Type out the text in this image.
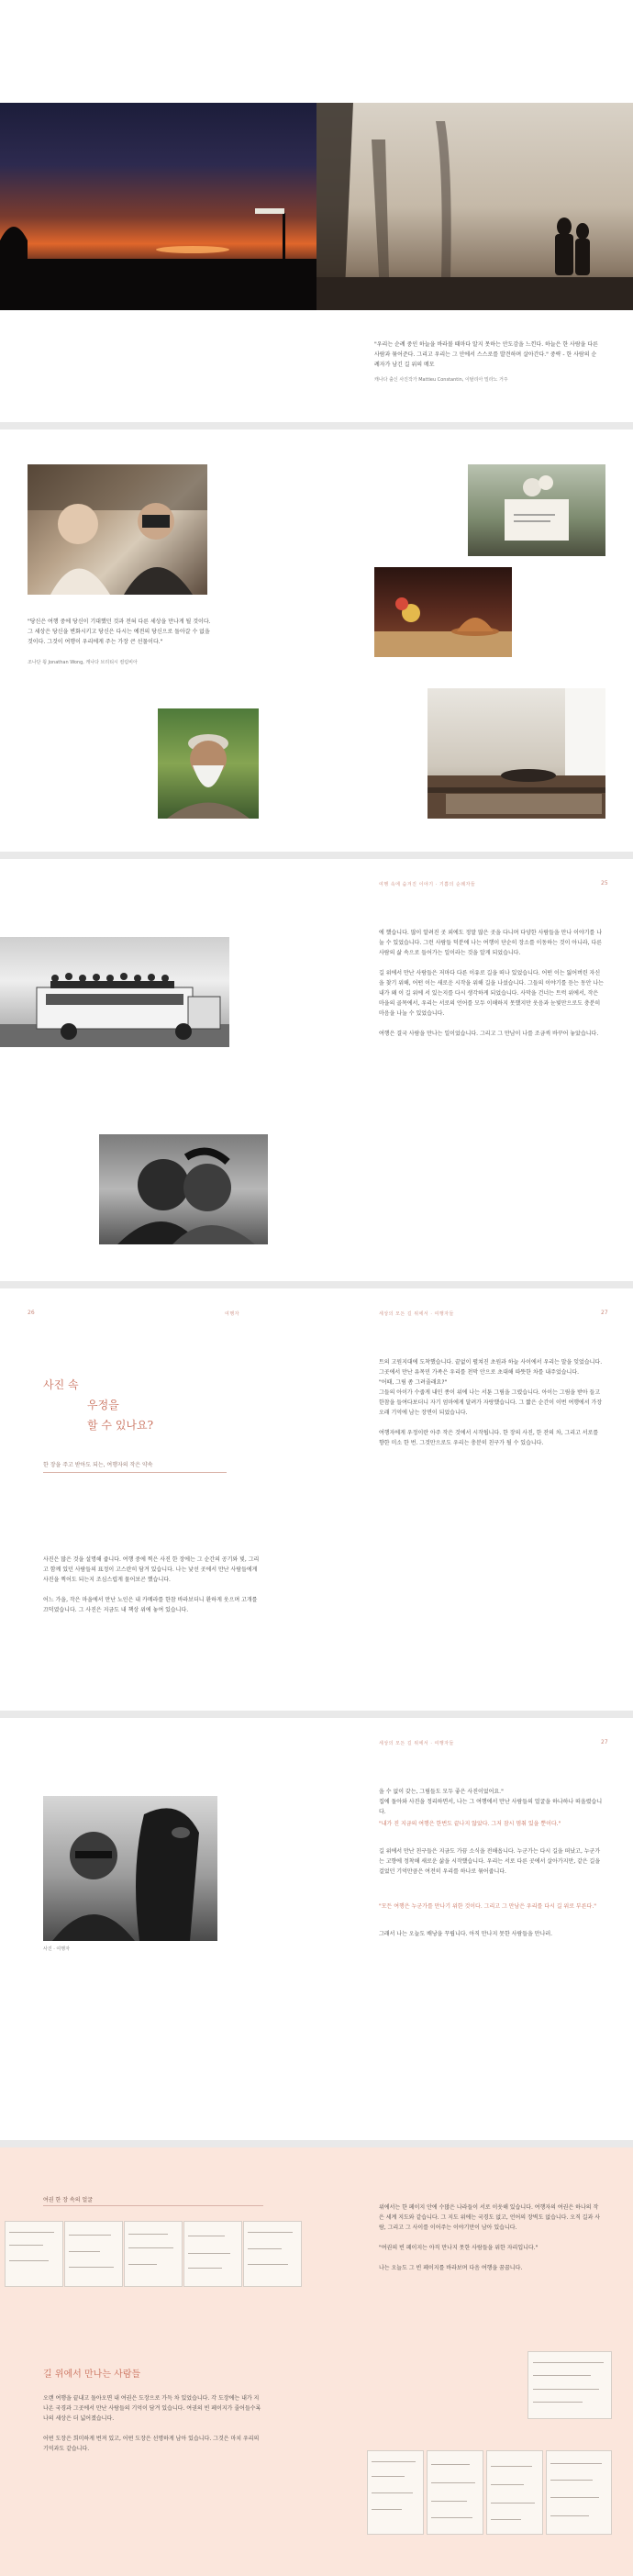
"우리는 순례 중인 하늘을 바라볼 때마다 알지 못하는 안도감을 느낀다. 하늘은 한 사람을 다른 사람과 묶어준다. 그리고 우리는 그 안에서 스스로를 발견하며 살아간다." 중략 - 한 사람의 순례자가 남긴 길 위의 메모
캐나다 출신 사진작가 Mattieu Constantin, 이탈리아 밀라노 거주
"당신은 여행 중에 당신이 기대했던 것과 전혀 다른 세상을 만나게 될 것이다. 그 세상은 당신을 변화시키고 당신은 다시는 예전의 당신으로 돌아갈 수 없을 것이다. 그것이 여행이 우리에게 주는 가장 큰 선물이다."
조나단 웡 Jonathan Wong, 캐나다 브리티시 컬럼비아
여행 속에 숨겨진 이야기 · 기쁨의 순례자들	25
에 했습니다. 많이 알려진 곳 외에도 정말 많은 곳을 다니며 다양한 사람들을 만나 이야기를 나눌 수 있었습니다. 그런 사람들 덕분에 나는 여행이 단순히 장소를 이동하는 것이 아니라, 다른 사람의 삶 속으로 들어가는 일이라는 것을 알게 되었습니다.

길 위에서 만난 사람들은 저마다 다른 이유로 길을 떠나 있었습니다. 어떤 이는 잃어버린 자신을 찾기 위해, 어떤 이는 새로운 시작을 위해 길을 나섰습니다. 그들의 이야기를 듣는 동안 나는 내가 왜 이 길 위에 서 있는지를 다시 생각하게 되었습니다. 사막을 건너는 트럭 위에서, 작은 마을의 골목에서, 우리는 서로의 언어를 모두 이해하지 못했지만 웃음과 눈빛만으로도 충분히 마음을 나눌 수 있었습니다.

여행은 결국 사람을 만나는 일이었습니다. 그리고 그 만남이 나를 조금씩 바꾸어 놓았습니다.
26	여행자	세상의 모든 길 위에서 · 여행자들	27
사진 속
우정을
할 수 있나요?
한 장을 주고 받아도 되는, 여행자의 작은 약속
사진은 많은 것을 설명해 줍니다. 여행 중에 찍은 사진 한 장에는 그 순간의 공기와 빛, 그리고 함께 있던 사람들의 표정이 고스란히 담겨 있습니다. 나는 낯선 곳에서 만난 사람들에게 사진을 찍어도 되는지 조심스럽게 물어보곤 했습니다.

어느 가을, 작은 마을에서 만난 노인은 내 카메라를 한참 바라보더니 환하게 웃으며 고개를 끄덕였습니다. 그 사진은 지금도 내 책상 위에 놓여 있습니다.
트의 고원지대에 도착했습니다. 끝없이 펼쳐진 초원과 하늘 사이에서 우리는 말을 잊었습니다. 그곳에서 만난 유목민 가족은 우리를 천막 안으로 초대해 따뜻한 차를 내주었습니다.
"어때, 그림 좀 그려줄래요?"
그들의 아이가 수줍게 내민 종이 위에 나는 서툰 그림을 그렸습니다. 아이는 그림을 받아 들고 한참을 들여다보더니 자기 엄마에게 달려가 자랑했습니다. 그 짧은 순간이 이번 여행에서 가장 오래 기억에 남는 장면이 되었습니다.

여행자에게 우정이란 아주 작은 것에서 시작됩니다. 한 장의 사진, 한 잔의 차, 그리고 서로를 향한 미소 한 번. 그것만으로도 우리는 충분히 친구가 될 수 있습니다.
세상의 모든 길 위에서 · 여행자들	27
사진 · 여행자
을 수 없이 갖는, 그림들도 모두 좋은 사진이었어요."
집에 돌아와 사진을 정리하면서, 나는 그 여행에서 만난 사람들의 얼굴을 하나하나 떠올렸습니다.
"내가 진 지금의 여행은 한번도 끝나지 않았다. 그저 잠시 멈춰 있을 뿐이다."
길 위에서 만난 친구들은 지금도 가끔 소식을 전해옵니다. 누군가는 다시 길을 떠났고, 누군가는 고향에 정착해 새로운 삶을 시작했습니다. 우리는 서로 다른 곳에서 살아가지만, 같은 길을 걸었던 기억만큼은 여전히 우리를 하나로 묶어줍니다.
"모든 여행은 누군가를 만나기 위한 것이다. 그리고 그 만남은 우리를 다시 길 위로 부른다."
그래서 나는 오늘도 배낭을 꾸립니다. 아직 만나지 못한 사람들을 만나러.
여권 한 장 속의 얼굴
길 위에서 만나는 사람들
오랜 여행을 끝내고 돌아오면 내 여권은 도장으로 가득 차 있었습니다. 각 도장에는 내가 지나온 국경과 그곳에서 만난 사람들의 기억이 담겨 있습니다. 여권의 빈 페이지가 줄어들수록 나의 세상은 더 넓어졌습니다.

어떤 도장은 희미하게 번져 있고, 어떤 도장은 선명하게 남아 있습니다. 그것은 마치 우리의 기억과도 같습니다.
위에서는 한 페이지 안에 수많은 나라들이 서로 이웃해 있습니다. 여행자의 여권은 하나의 작은 세계 지도와 같습니다. 그 지도 위에는 국경도 없고, 언어의 장벽도 없습니다. 오직 길과 사람, 그리고 그 사이를 이어주는 이야기만이 남아 있습니다.

"여권의 빈 페이지는 아직 만나지 못한 사람들을 위한 자리입니다."

나는 오늘도 그 빈 페이지를 바라보며 다음 여행을 꿈꿉니다.
